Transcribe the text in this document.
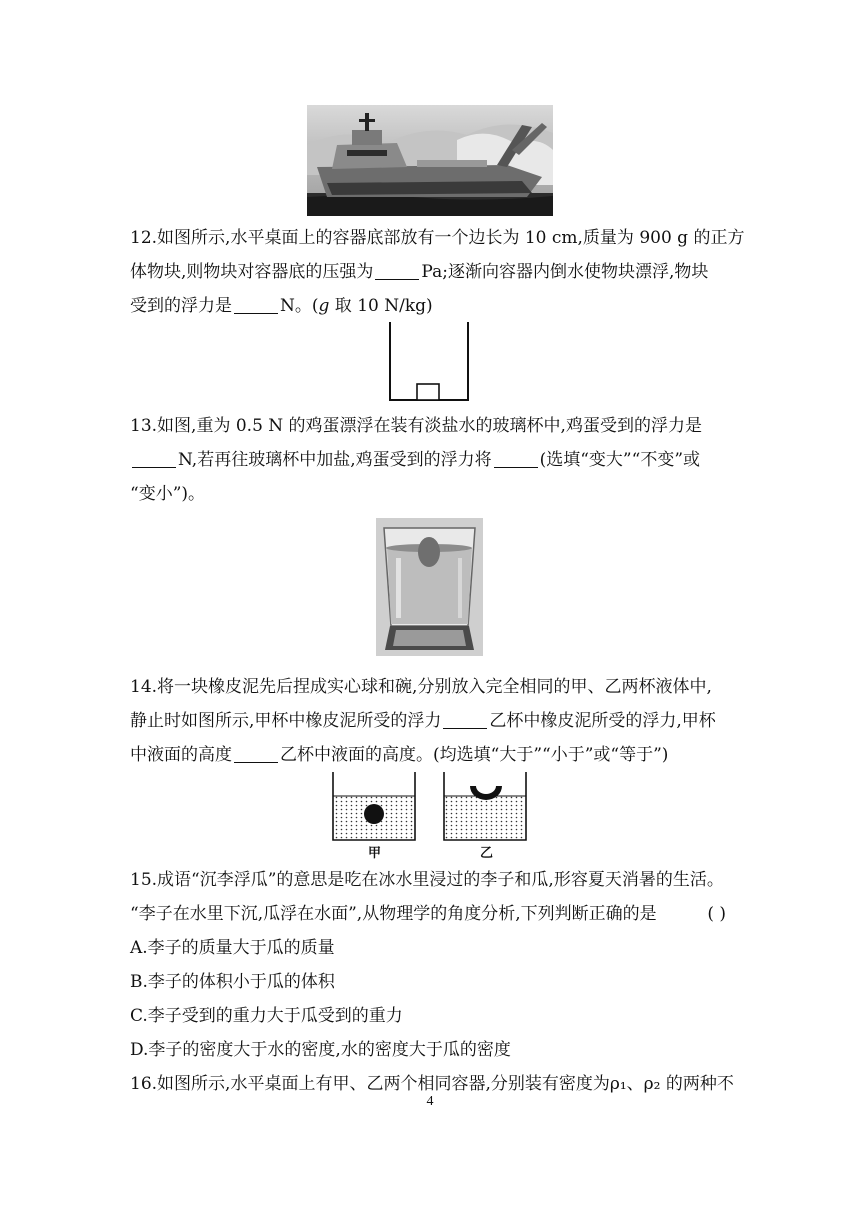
12.如图所示,水平桌面上的容器底部放有一个边长为 10 cm,质量为 900 g 的正方
体物块,则物块对容器底的压强为	Pa;逐渐向容器内倒水使物块漂浮,物块
受到的浮力是	N。(g 取 10 N/kg)
13.如图,重为 0.5 N 的鸡蛋漂浮在装有淡盐水的玻璃杯中,鸡蛋受到的浮力是
N,若再往玻璃杯中加盐,鸡蛋受到的浮力将	(选填“变大”“不变”或
“变小”)。
14.将一块橡皮泥先后捏成实心球和碗,分别放入完全相同的甲、乙两杯液体中,
静止时如图所示,甲杯中橡皮泥所受的浮力	乙杯中橡皮泥所受的浮力,甲杯
中液面的高度	乙杯中液面的高度。(均选填“大于”“小于”或“等于”)
甲	乙
15.成语“沉李浮瓜”的意思是吃在冰水里浸过的李子和瓜,形容夏天消暑的生活。
“李子在水里下沉,瓜浮在水面”,从物理学的角度分析,下列判断正确的是	( )
A.李子的质量大于瓜的质量
B.李子的体积小于瓜的体积
C.李子受到的重力大于瓜受到的重力
D.李子的密度大于水的密度,水的密度大于瓜的密度
16.如图所示,水平桌面上有甲、乙两个相同容器,分别装有密度为ρ₁、ρ₂ 的两种不
4
